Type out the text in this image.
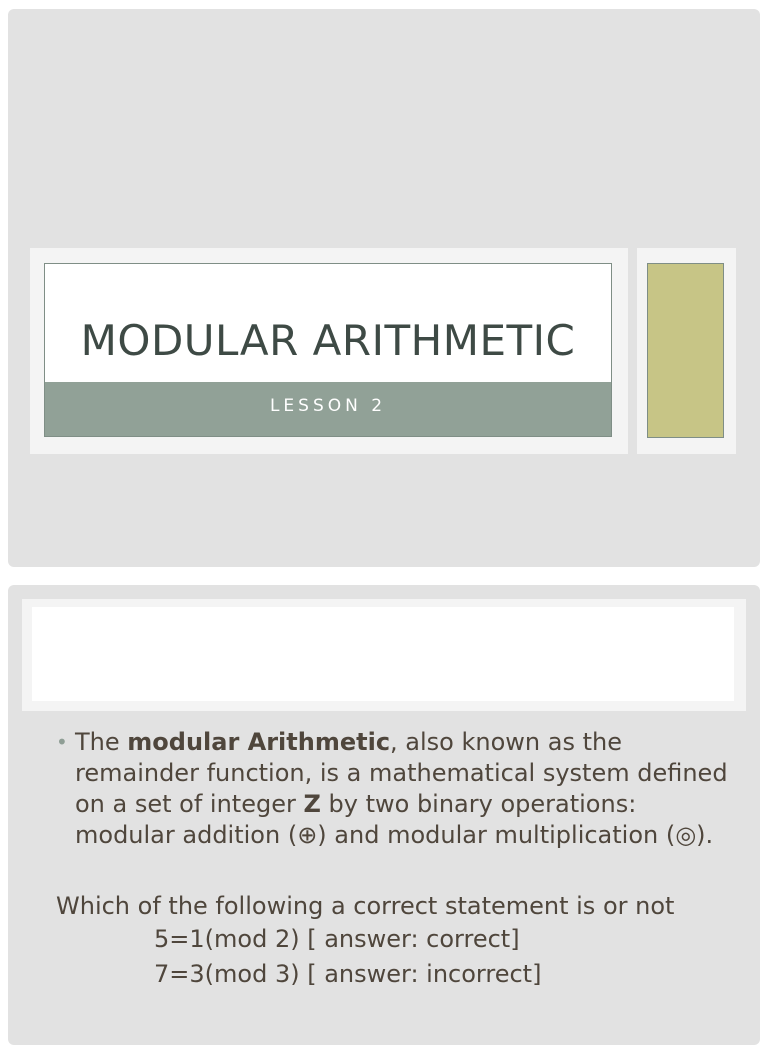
MODULAR ARITHMETIC
LESSON 2
• The modular Arithmetic, also known as the remainder function, is a mathematical system defined on a set of integer Z by two binary operations: modular addition (⊕) and modular multiplication (◎).
Which of the following a correct statement is or not
5=1(mod 2) [ answer: correct]
7=3(mod 3) [ answer: incorrect]
